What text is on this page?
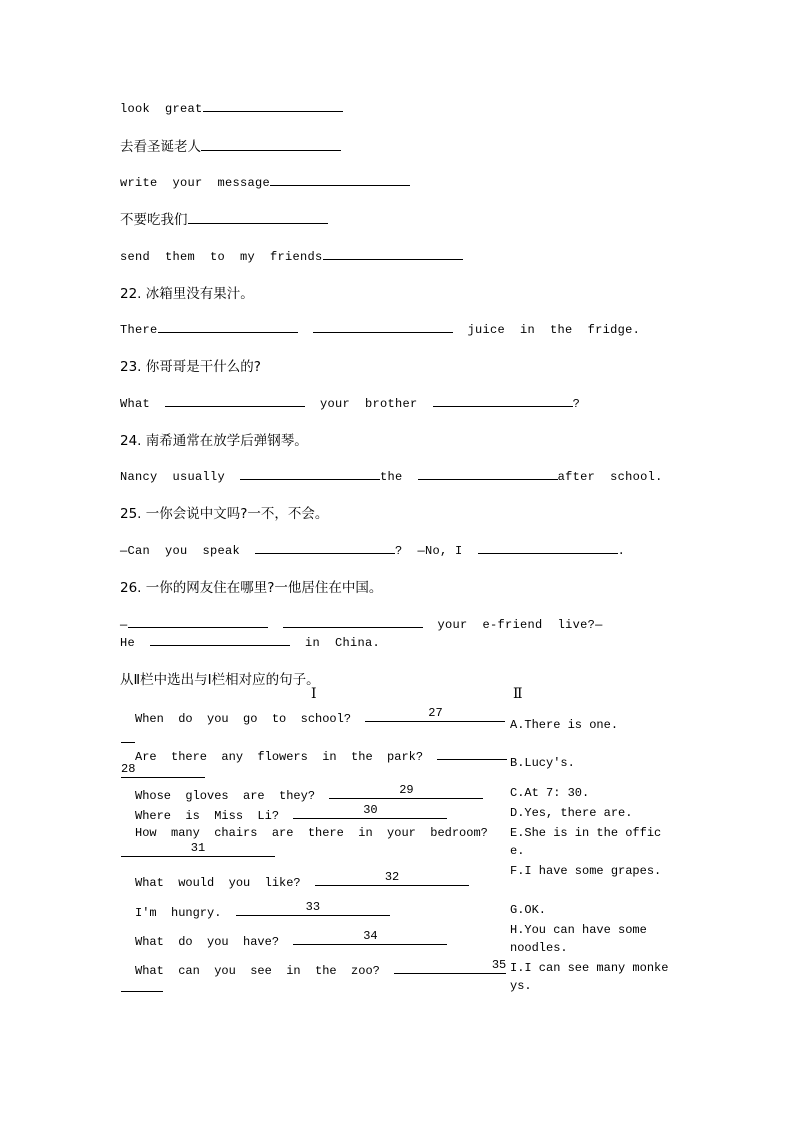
look  great
去看圣诞老人
write  your  message
不要吃我们
send  them  to  my  friends
22. 冰箱里没有果汁。
There	juice  in  the  fridge.
23. 你哥哥是干什么的?
What	your  brother	?
24. 南希通常在放学后弹钢琴。
Nancy  usually	the	after  school.
25. 一你会说中文吗?一不，不会。
—Can  you  speak	?  —No, I	.
26. 一你的网友住在哪里?一他居住在中国。
—	your  e-friend  live?—
He	in  China.
从Ⅱ栏中选出与Ⅰ栏相对应的句子。
Ⅰ	Ⅱ
When  do  you  go  to  school?	27
Are  there  any  flowers  in  the  park?
28
Whose  gloves  are  they?	29
Where  is  Miss  Li?	30
How  many  chairs  are  there  in  your  bedroom?
31
What  would  you  like?	32
I'm  hungry.	33
What  do  you  have?	34
What  can  you  see  in  the  zoo?	35
A.There is one.
B.Lucy's.
C.At 7: 30.
D.Yes, there are.
E.She is in the office.
F.I have some grapes.
G.OK.
H.You can have some noodles.
I.I can see many monkeys.
